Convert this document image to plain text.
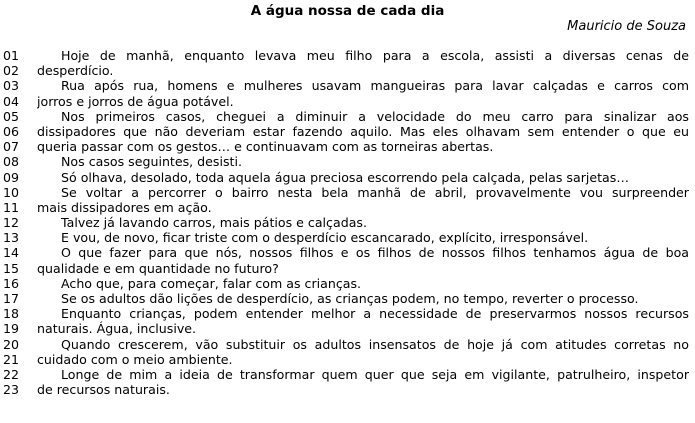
A água nossa de cada dia
Mauricio de Souza
01	Hoje de manhã, enquanto levava meu filho para a escola, assisti a diversas cenas de
02	desperdício.
03	Rua após rua, homens e mulheres usavam mangueiras para lavar calçadas e carros com
04	jorros e jorros de água potável.
05	Nos primeiros casos, cheguei a diminuir a velocidade do meu carro para sinalizar aos
06	dissipadores que não deveriam estar fazendo aquilo. Mas eles olhavam sem entender o que eu
07	queria passar com os gestos… e continuavam com as torneiras abertas.
08	Nos casos seguintes, desisti.
09	Só olhava, desolado, toda aquela água preciosa escorrendo pela calçada, pelas sarjetas…
10	Se voltar a percorrer o bairro nesta bela manhã de abril, provavelmente vou surpreender
11	mais dissipadores em ação.
12	Talvez já lavando carros, mais pátios e calçadas.
13	E vou, de novo, ficar triste com o desperdício escancarado, explícito, irresponsável.
14	O que fazer para que nós, nossos filhos e os filhos de nossos filhos tenhamos água de boa
15	qualidade e em quantidade no futuro?
16	Acho que, para começar, falar com as crianças.
17	Se os adultos dão lições de desperdício, as crianças podem, no tempo, reverter o processo.
18	Enquanto crianças, podem entender melhor a necessidade de preservarmos nossos recursos
19	naturais. Água, inclusive.
20	Quando crescerem, vão substituir os adultos insensatos de hoje já com atitudes corretas no
21	cuidado com o meio ambiente.
22	Longe de mim a ideia de transformar quem quer que seja em vigilante, patrulheiro, inspetor
23	de recursos naturais.
